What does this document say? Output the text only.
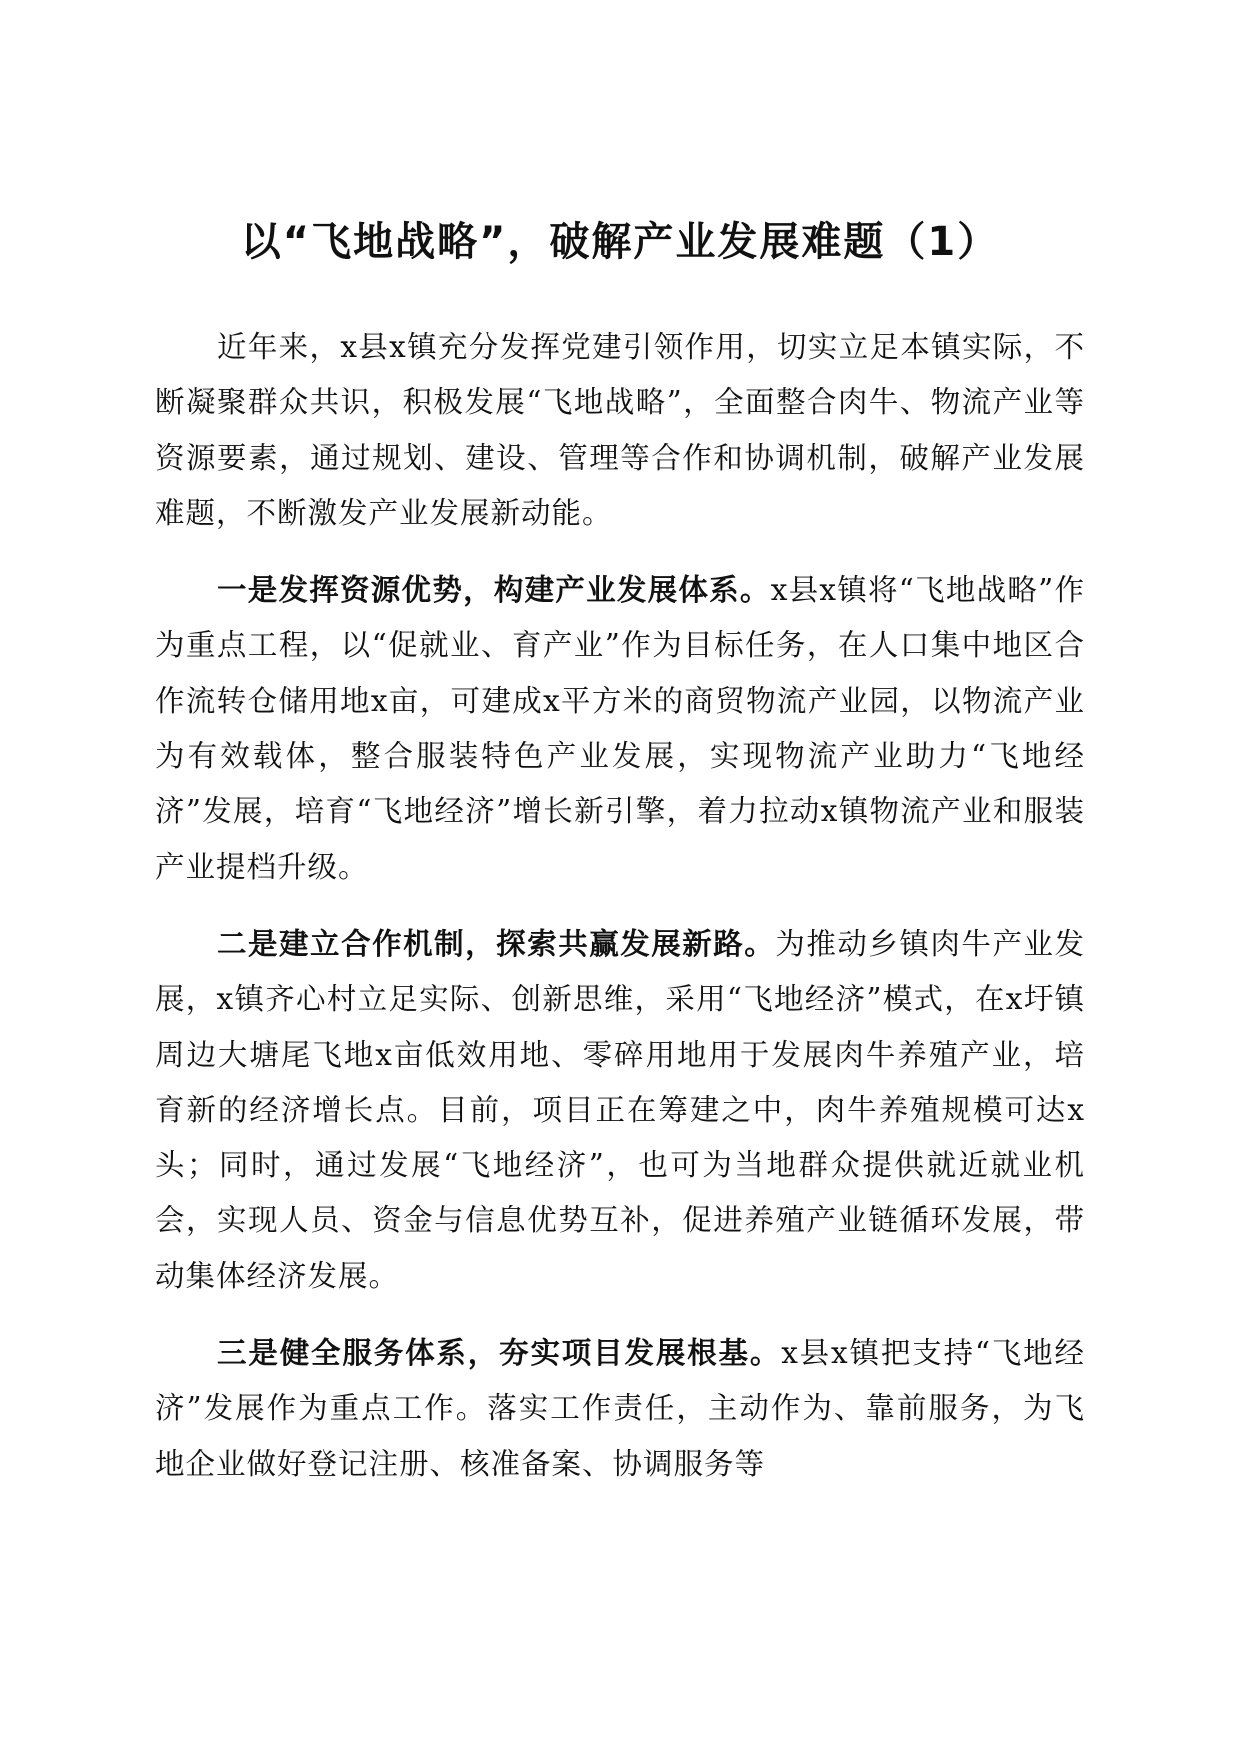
以“飞地战略”，破解产业发展难题（1）

近年来，x县x镇充分发挥党建引领作用，切实立足本镇实际，不断凝聚群众共识，积极发展“飞地战略”，全面整合肉牛、物流产业等资源要素，通过规划、建设、管理等合作和协调机制，破解产业发展难题，不断激发产业发展新动能。

一是发挥资源优势，构建产业发展体系。x县x镇将“飞地战略”作为重点工程，以“促就业、育产业”作为目标任务，在人口集中地区合作流转仓储用地x亩，可建成x平方米的商贸物流产业园，以物流产业为有效载体，整合服装特色产业发展，实现物流产业助力“飞地经济”发展，培育“飞地经济”增长新引擎，着力拉动x镇物流产业和服装产业提档升级。

二是建立合作机制，探索共赢发展新路。为推动乡镇肉牛产业发展，x镇齐心村立足实际、创新思维，采用“飞地经济”模式，在x圩镇周边大塘尾飞地x亩低效用地、零碎用地用于发展肉牛养殖产业，培育新的经济增长点。目前，项目正在筹建之中，肉牛养殖规模可达x头；同时，通过发展“飞地经济”，也可为当地群众提供就近就业机会，实现人员、资金与信息优势互补，促进养殖产业链循环发展，带动集体经济发展。

三是健全服务体系，夯实项目发展根基。x县x镇把支持“飞地经济”发展作为重点工作。落实工作责任，主动作为、靠前服务，为飞地企业做好登记注册、核准备案、协调服务等
